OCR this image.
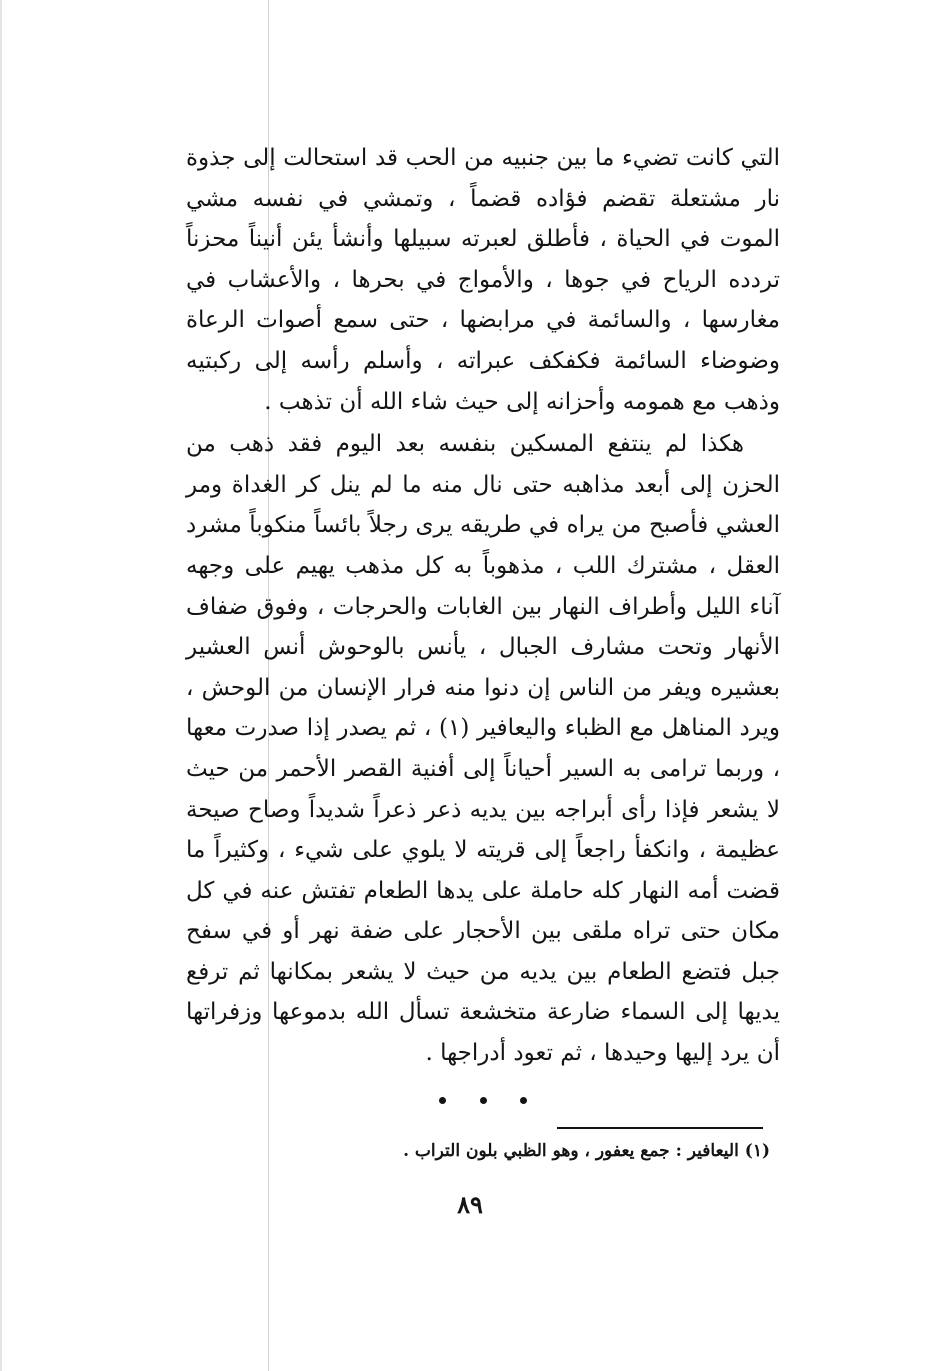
التي كانت تضيء ما بين جنبيه من الحب قد استحالت إلى جذوة نار مشتعلة تقضم فؤاده قضماً ، وتمشي في نفسه مشي الموت في الحياة ، فأطلق لعبرته سبيلها وأنشأ يئن أنيناً محزناً تردده الرياح في جوها ، والأمواج في بحرها ، والأعشاب في مغارسها ، والسائمة في مرابضها ، حتى سمع أصوات الرعاة وضوضاء السائمة فكفكف عبراته ، وأسلم رأسه إلى ركبتيه وذهب مع همومه وأحزانه إلى حيث شاء الله أن تذهب .

هكذا لم ينتفع المسكين بنفسه بعد اليوم فقد ذهب من الحزن إلى أبعد مذاهبه حتى نال منه ما لم ينل كر الغداة ومر العشي فأصبح من يراه في طريقه يرى رجلاً بائساً منكوباً مشرد العقل ، مشترك اللب ، مذهوباً به كل مذهب يهيم على وجهه آناء الليل وأطراف النهار بين الغابات والحرجات ، وفوق ضفاف الأنهار وتحت مشارف الجبال ، يأنس بالوحوش أنس العشير بعشيره ويفر من الناس إن دنوا منه فرار الإنسان من الوحش ، ويرد المناهل مع الظباء واليعافير (١) ، ثم يصدر إذا صدرت معها ، وربما ترامى به السير أحياناً إلى أفنية القصر الأحمر من حيث لا يشعر فإذا رأى أبراجه بين يديه ذعر ذعراً شديداً وصاح صيحة عظيمة ، وانكفأ راجعاً إلى قريته لا يلوي على شيء ، وكثيراً ما قضت أمه النهار كله حاملة على يدها الطعام تفتش عنه في كل مكان حتى تراه ملقى بين الأحجار على ضفة نهر أو في سفح جبل فتضع الطعام بين يديه من حيث لا يشعر بمكانها ثم ترفع يديها إلى السماء ضارعة متخشعة تسأل الله بدموعها وزفراتها أن يرد إليها وحيدها ، ثم تعود أدراجها .

(١) اليعافير : جمع يعفور ، وهو الظبي بلون التراب .
٨٩
